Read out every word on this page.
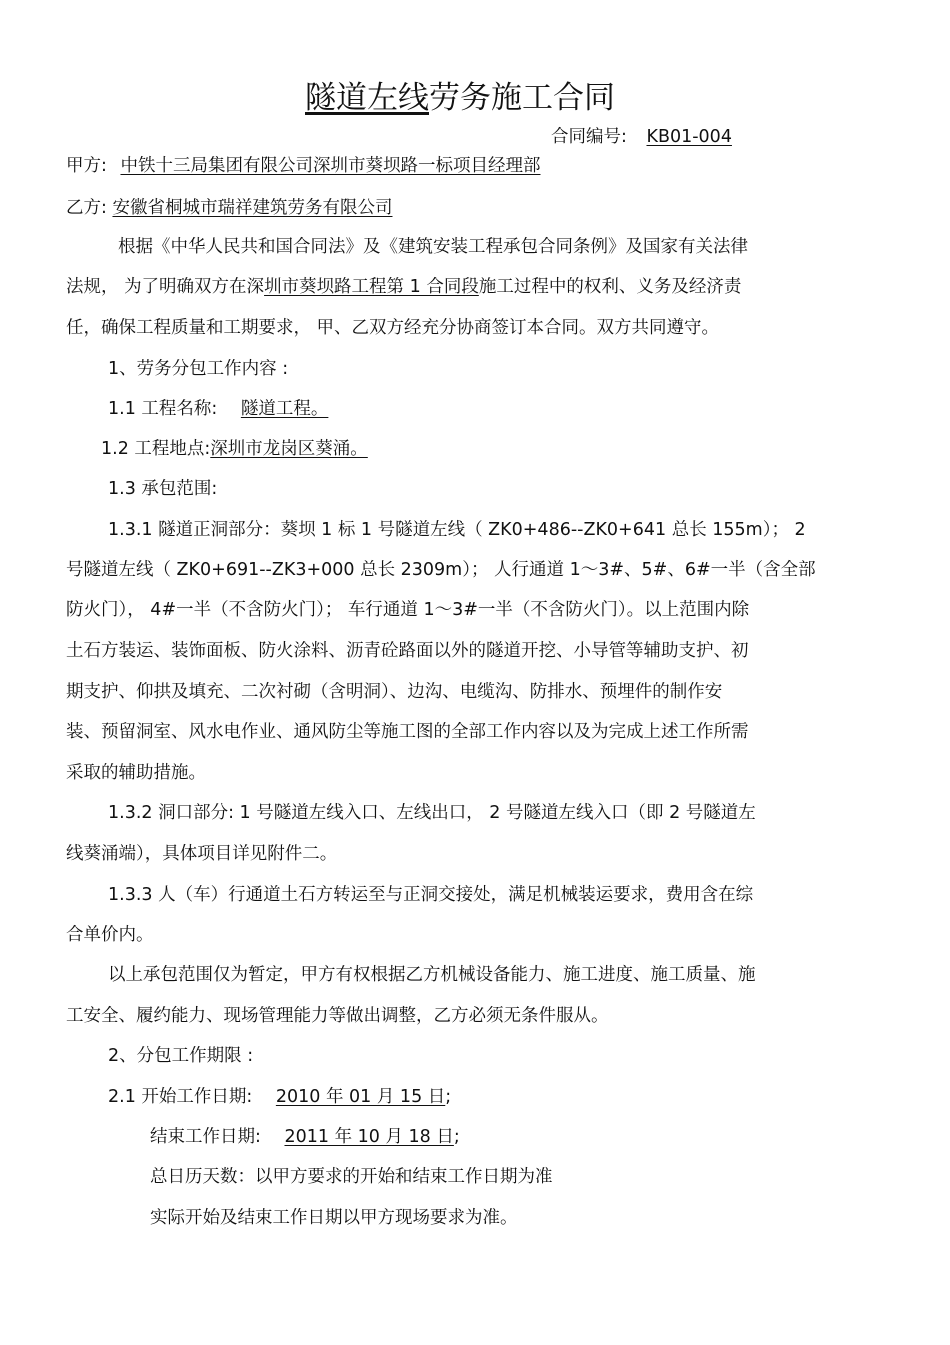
隧道左线劳务施工合同
合同编号: KB01-004
甲方: 中铁十三局集团有限公司深圳市葵坝路一标项目经理部
乙方: 安徽省桐城市瑞祥建筑劳务有限公司
根据《中华人民共和国合同法》及《建筑安装工程承包合同条例》及国家有关法律
法规， 为了明确双方在深圳市葵坝路工程第 1 合同段施工过程中的权利、义务及经济责
任，确保工程质量和工期要求， 甲、乙双方经充分协商签订本合同。双方共同遵守。
1、劳务分包工作内容 :
1.1 工程名称: 隧道工程。
1.2 工程地点:深圳市龙岗区葵涌。
1.3 承包范围:
1.3.1 隧道正洞部分：葵坝 1 标 1 号隧道左线（ ZK0+486--ZK0+641 总长 155m）； 2
号隧道左线（ ZK0+691--ZK3+000 总长 2309m）； 人行通道 1～3#、5#、6#一半（含全部
防火门）， 4#一半（不含防火门）； 车行通道 1～3#一半（不含防火门）。以上范围内除
土石方装运、装饰面板、防火涂料、沥青砼路面以外的隧道开挖、小导管等辅助支护、初
期支护、仰拱及填充、二次衬砌（含明洞）、边沟、电缆沟、防排水、预埋件的制作安
装、预留洞室、风水电作业、通风防尘等施工图的全部工作内容以及为完成上述工作所需
采取的辅助措施。
1.3.2 洞口部分: 1 号隧道左线入口、左线出口， 2 号隧道左线入口（即 2 号隧道左
线葵涌端），具体项目详见附件二。
1.3.3 人（车）行通道土石方转运至与正洞交接处，满足机械装运要求，费用含在综
合单价内。
以上承包范围仅为暂定，甲方有权根据乙方机械设备能力、施工进度、施工质量、施
工安全、履约能力、现场管理能力等做出调整，乙方必须无条件服从。
2、分包工作期限 :
2.1 开始工作日期: 2010 年 01 月 15 日;
结束工作日期: 2011 年 10 月 18 日;
总日历天数：以甲方要求的开始和结束工作日期为准
实际开始及结束工作日期以甲方现场要求为准。
